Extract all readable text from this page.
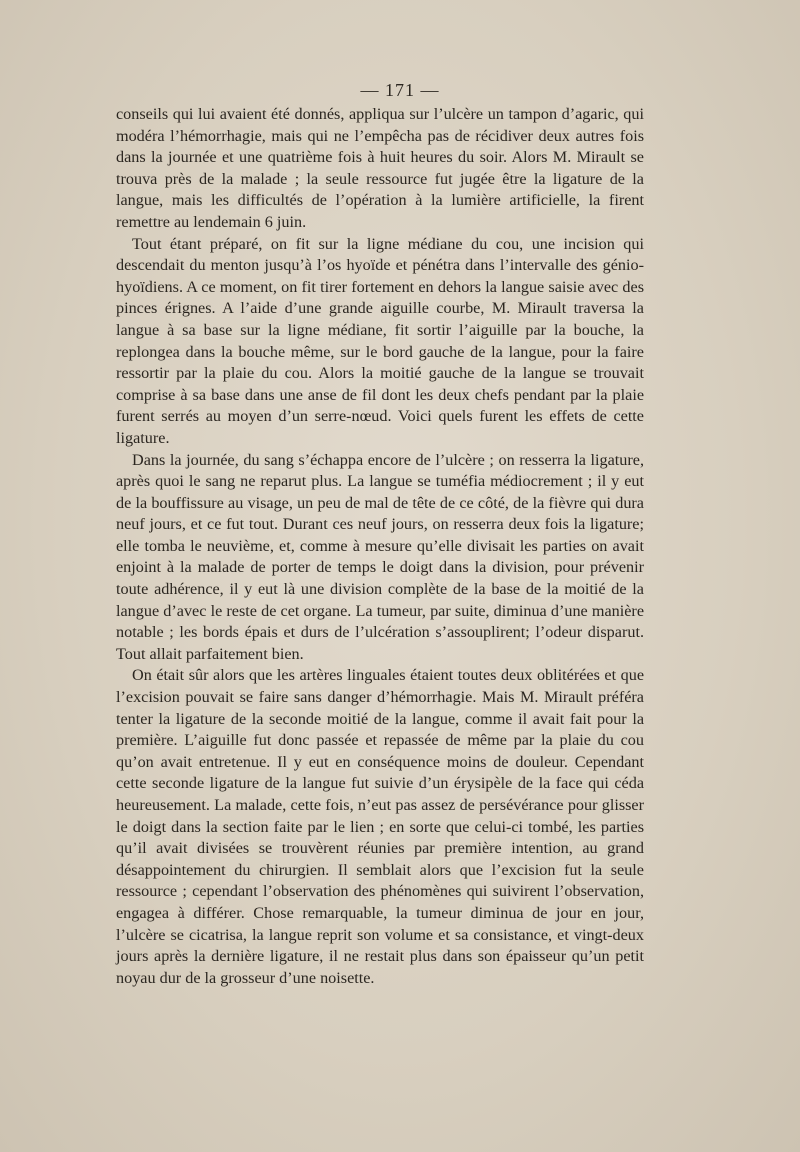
— 171 —

conseils qui lui avaient été donnés, appliqua sur l’ulcère un tampon d’agaric, qui modéra l’hémorrhagie, mais qui ne l’empêcha pas de récidiver deux autres fois dans la journée et une quatrième fois à huit heures du soir. Alors M. Mirault se trouva près de la malade ; la seule ressource fut jugée être la ligature de la langue, mais les difficultés de l’opération à la lumière artificielle, la firent remettre au lendemain 6 juin.

Tout étant préparé, on fit sur la ligne médiane du cou, une incision qui descendait du menton jusqu’à l’os hyoïde et pénétra dans l’intervalle des génio-hyoïdiens. A ce moment, on fit tirer fortement en dehors la langue saisie avec des pinces érignes. A l’aide d’une grande aiguille courbe, M. Mirault traversa la langue à sa base sur la ligne médiane, fit sortir l’aiguille par la bouche, la replongea dans la bouche même, sur le bord gauche de la langue, pour la faire ressortir par la plaie du cou. Alors la moitié gauche de la langue se trouvait comprise à sa base dans une anse de fil dont les deux chefs pendant par la plaie furent serrés au moyen d’un serre-nœud. Voici quels furent les effets de cette ligature.

Dans la journée, du sang s’échappa encore de l’ulcère ; on resserra la ligature, après quoi le sang ne reparut plus. La langue se tuméfia médiocrement ; il y eut de la bouffissure au visage, un peu de mal de tête de ce côté, de la fièvre qui dura neuf jours, et ce fut tout. Durant ces neuf jours, on resserra deux fois la ligature; elle tomba le neuvième, et, comme à mesure qu’elle divisait les parties on avait enjoint à la malade de porter de temps le doigt dans la division, pour prévenir toute adhérence, il y eut là une division complète de la base de la moitié de la langue d’avec le reste de cet organe. La tumeur, par suite, diminua d’une manière notable ; les bords épais et durs de l’ulcération s’assouplirent; l’odeur disparut. Tout allait parfaitement bien.

On était sûr alors que les artères linguales étaient toutes deux oblitérées et que l’excision pouvait se faire sans danger d’hémorrhagie. Mais M. Mirault préféra tenter la ligature de la seconde moitié de la langue, comme il avait fait pour la première. L’aiguille fut donc passée et repassée de même par la plaie du cou qu’on avait entretenue. Il y eut en conséquence moins de douleur. Cependant cette seconde ligature de la langue fut suivie d’un érysipèle de la face qui céda heureusement. La malade, cette fois, n’eut pas assez de persévérance pour glisser le doigt dans la section faite par le lien ; en sorte que celui-ci tombé, les parties qu’il avait divisées se trouvèrent réunies par première intention, au grand désappointement du chirurgien. Il semblait alors que l’excision fut la seule ressource ; cependant l’observation des phénomènes qui suivirent l’observation, engagea à différer. Chose remarquable, la tumeur diminua de jour en jour, l’ulcère se cicatrisa, la langue reprit son volume et sa consistance, et vingt-deux jours après la dernière ligature, il ne restait plus dans son épaisseur qu’un petit noyau dur de la grosseur d’une noisette.
